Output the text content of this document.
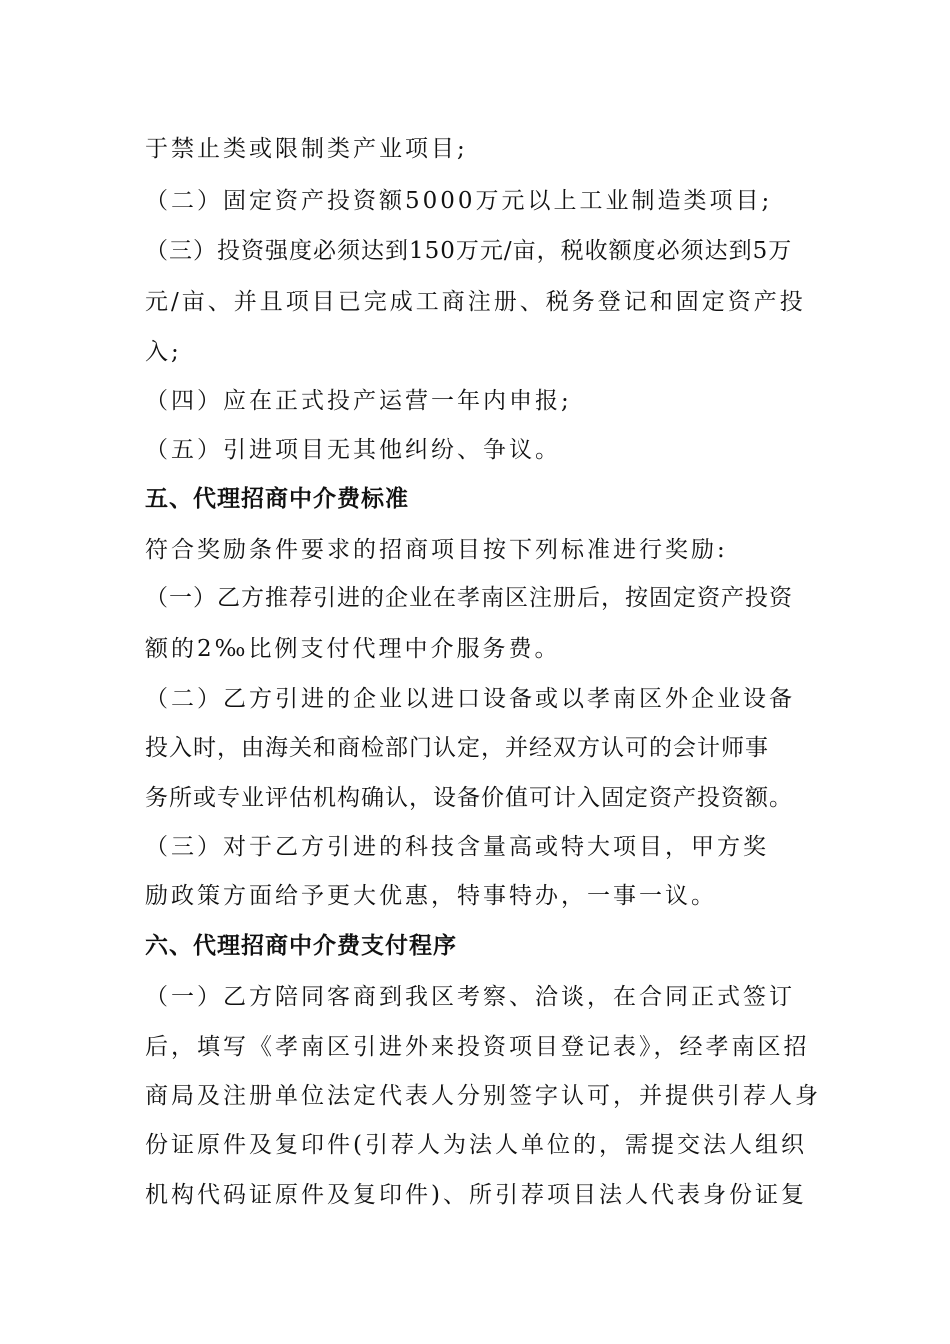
于禁止类或限制类产业项目;
（二）固定资产投资额5000万元以上工业制造类项目;
（三）投资强度必须达到150万元/亩，税收额度必须达到5万
元/亩、并且项目已完成工商注册、税务登记和固定资产投
入;
（四）应在正式投产运营一年内申报;
（五）引进项目无其他纠纷、争议。
五、代理招商中介费标准
符合奖励条件要求的招商项目按下列标准进行奖励:
（一）乙方推荐引进的企业在孝南区注册后，按固定资产投资
额的2‰比例支付代理中介服务费。
（二）乙方引进的企业以进口设备或以孝南区外企业设备
投入时，由海关和商检部门认定，并经双方认可的会计师事
务所或专业评估机构确认，设备价值可计入固定资产投资额。
（三）对于乙方引进的科技含量高或特大项目，甲方奖
励政策方面给予更大优惠，特事特办，一事一议。
六、代理招商中介费支付程序
（一）乙方陪同客商到我区考察、洽谈，在合同正式签订
后，填写《孝南区引进外来投资项目登记表》，经孝南区招
商局及注册单位法定代表人分别签字认可，并提供引荐人身
份证原件及复印件(引荐人为法人单位的，需提交法人组织
机构代码证原件及复印件)、所引荐项目法人代表身份证复
